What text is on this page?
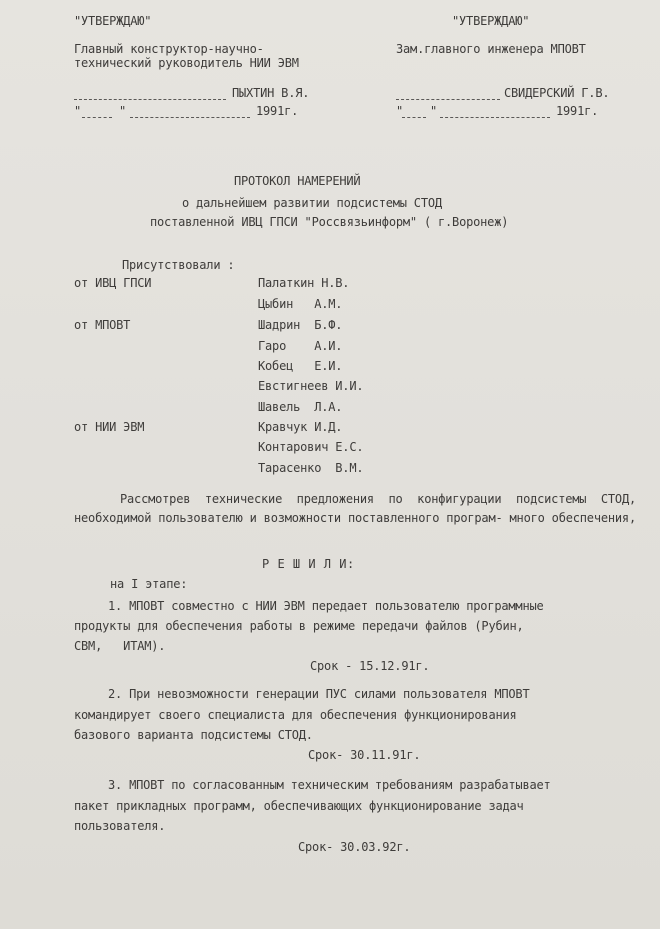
"УТВЕРЖДАЮ"
Главный конструктор-научно-
технический руководитель НИИ ЭВМ
ПЫХТИН В.Я.
"	"	1991г.
"УТВЕРЖДАЮ"
Зам.главного инженера МПОВТ
СВИДЕРСКИЙ Г.В.
" "	1991г.
ПРОТОКОЛ НАМЕРЕНИЙ
о дальнейшем развитии подсистемы СТОД
поставленной ИВЦ ГПСИ "Россвязьинформ" ( г.Воронеж)
Присутствовали :
от ИВЦ ГПСИ	Палаткин Н.В.
Цыбин   А.М.
от МПОВТ	Шадрин  Б.Ф.
Гаро    А.И.
Кобец   Е.И.
Евстигнеев И.И.
Шавель  Л.А.
от НИИ ЭВМ	Кравчук И.Д.
Контарович Е.С.
Тарасенко  В.М.
Рассмотрев технические предложения по конфигурации подсистемы СТОД, необходимой пользователю и возможности поставленного програм- много обеспечения,
Р Е Ш И Л И:
на I этапе:
1. МПОВТ совместно с НИИ ЭВМ передает пользователю программные
продукты для обеспечения работы в режиме передачи файлов (Рубин,
СВМ,   ИТАМ).
Срок - 15.12.91г.
2. При невозможности генерации ПУС силами пользователя МПОВТ
командирует своего специалиста для обеспечения функционирования
базового варианта подсистемы СТОД.
Срок- 30.11.91г.
3. МПОВТ по согласованным техническим требованиям разрабатывает
пакет прикладных программ, обеспечивающих функционирование задач
пользователя.
Срок- 30.03.92г.
